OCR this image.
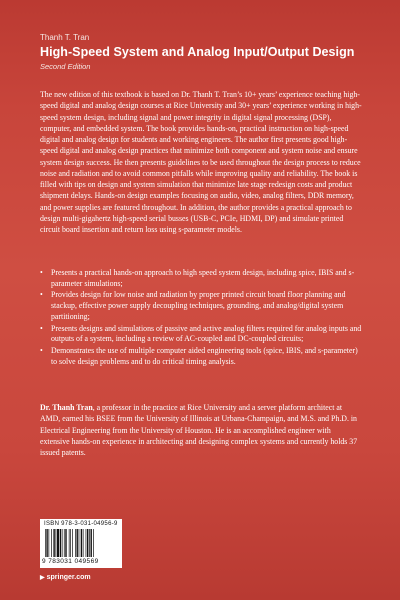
Thanh T. Tran
High-Speed System and Analog Input/Output Design
Second Edition

The new edition of this textbook is based on Dr. Thanh T. Tran’s 10+ years’ experience teaching high-speed digital and analog design courses at Rice University and 30+ years’ experience working in high-speed system design, including signal and power integrity in digital signal processing (DSP), computer, and embedded system. The book provides hands-on, practical instruction on high-speed digital and analog design for students and working engineers. The author first presents good high-speed digital and analog design practices that minimize both component and system noise and ensure system design success. He then presents guidelines to be used throughout the design process to reduce noise and radiation and to avoid common pitfalls while improving quality and reliability. The book is filled with tips on design and system simulation that minimize late stage redesign costs and product shipment delays. Hands-on design examples focusing on audio, video, analog filters, DDR memory, and power supplies are featured throughout. In addition, the author provides a practical approach to design multi-gigahertz high-speed serial busses (USB-C, PCIe, HDMI, DP) and simulate printed circuit board insertion and return loss using s-parameter models.

• Presents a practical hands-on approach to high speed system design, including spice, IBIS and s-parameter simulations;
• Provides design for low noise and radiation by proper printed circuit board floor planning and stackup, effective power supply decoupling techniques, grounding, and analog/digital system partitioning;
• Presents designs and simulations of passive and active analog filters required for analog inputs and outputs of a system, including a review of AC-coupled and DC-coupled circuits;
• Demonstrates the use of multiple computer aided engineering tools (spice, IBIS, and s-parameter) to solve design problems and to do critical timing analysis.

Dr. Thanh Tran, a professor in the practice at Rice University and a server platform architect at AMD, earned his BSEE from the University of Illinois at Urbana-Champaign, and M.S. and Ph.D. in Electrical Engineering from the University of Houston. He is an accomplished engineer with extensive hands-on experience in architecting and designing complex systems and currently holds 37 issued patents.

ISBN 978-3-031-04956-9
9 783031 049569
▶ springer.com
